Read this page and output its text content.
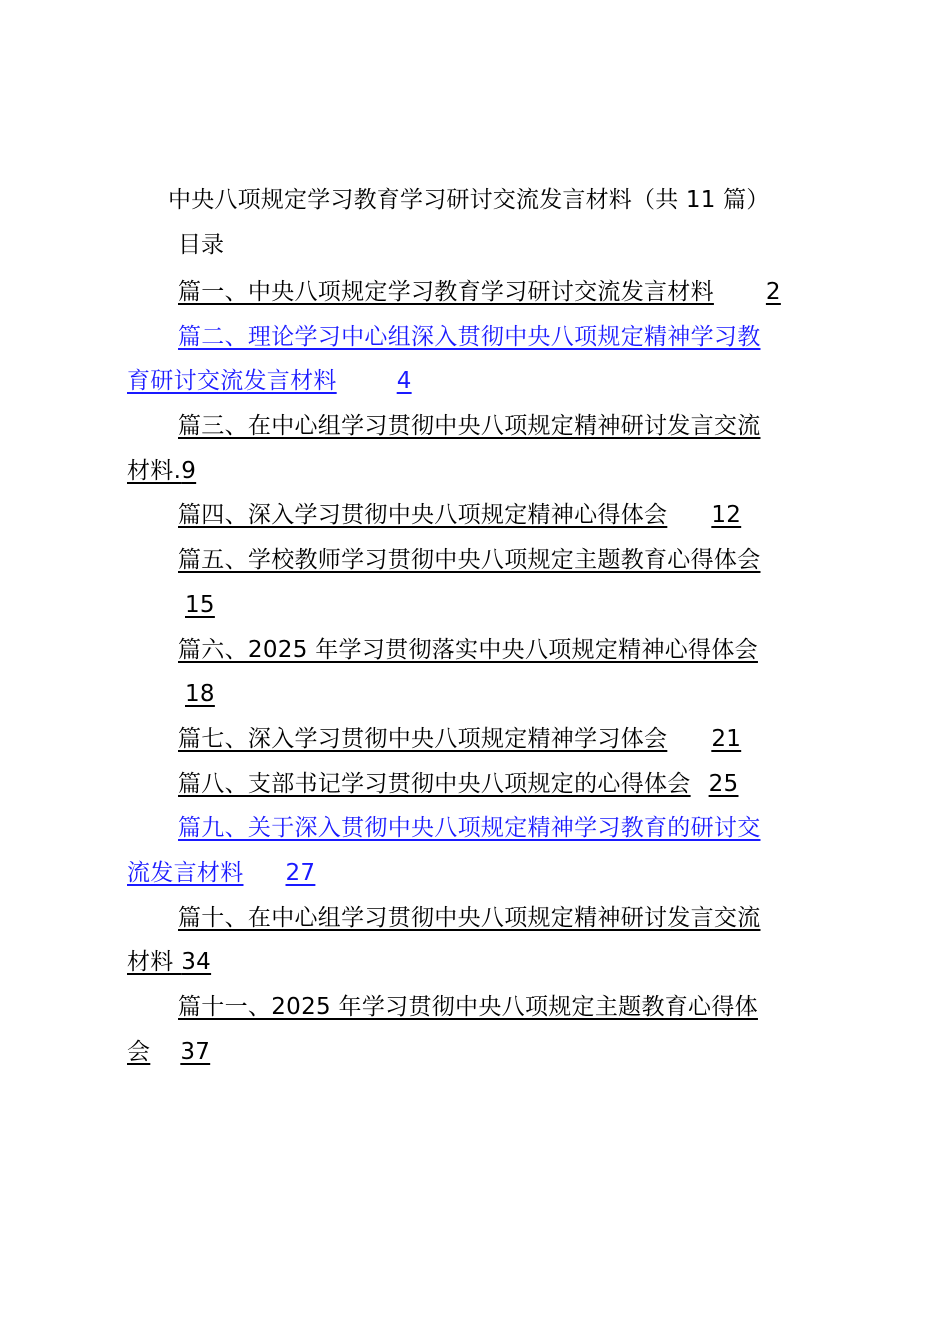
中央八项规定学习教育学习研讨交流发言材料（共 11 篇）
目录
篇一、中央八项规定学习教育学习研讨交流发言材料 2
篇二、理论学习中心组深入贯彻中央八项规定精神学习教
育研讨交流发言材料	4
篇三、在中心组学习贯彻中央八项规定精神研讨发言交流
材料. 9
篇四、深入学习贯彻中央八项规定精神心得体会 12
篇五、学校教师学习贯彻中央八项规定主题教育心得体会
15
篇六、2025 年学习贯彻落实中央八项规定精神心得体会
18
篇七、深入学习贯彻中央八项规定精神学习体会 21
篇八、支部书记学习贯彻中央八项规定的心得体会 25
篇九、关于深入贯彻中央八项规定精神学习教育的研讨交
流发言材料 27
篇十、在中心组学习贯彻中央八项规定精神研讨发言交流
材料  34
篇十一、2025 年学习贯彻中央八项规定主题教育心得体
会 37
